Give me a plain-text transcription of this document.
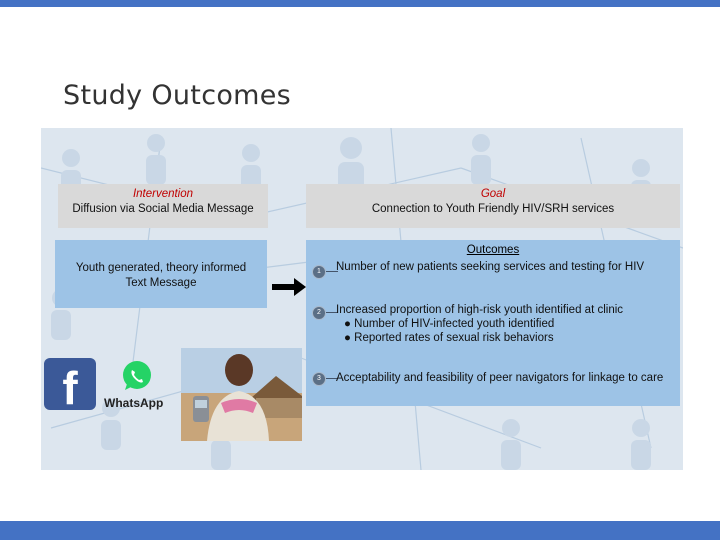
Study Outcomes
Intervention
Diffusion via Social Media Message
Goal
Connection to Youth Friendly HIV/SRH services
Youth generated, theory informed Text Message
Outcomes
1	Number of new patients seeking services and testing for HIV
2	Increased proportion of high-risk youth identified at clinic
● Number of HIV-infected youth identified
● Reported rates of sexual risk behaviors
3	Acceptability and feasibility of peer navigators for linkage to care
f	WhatsApp
